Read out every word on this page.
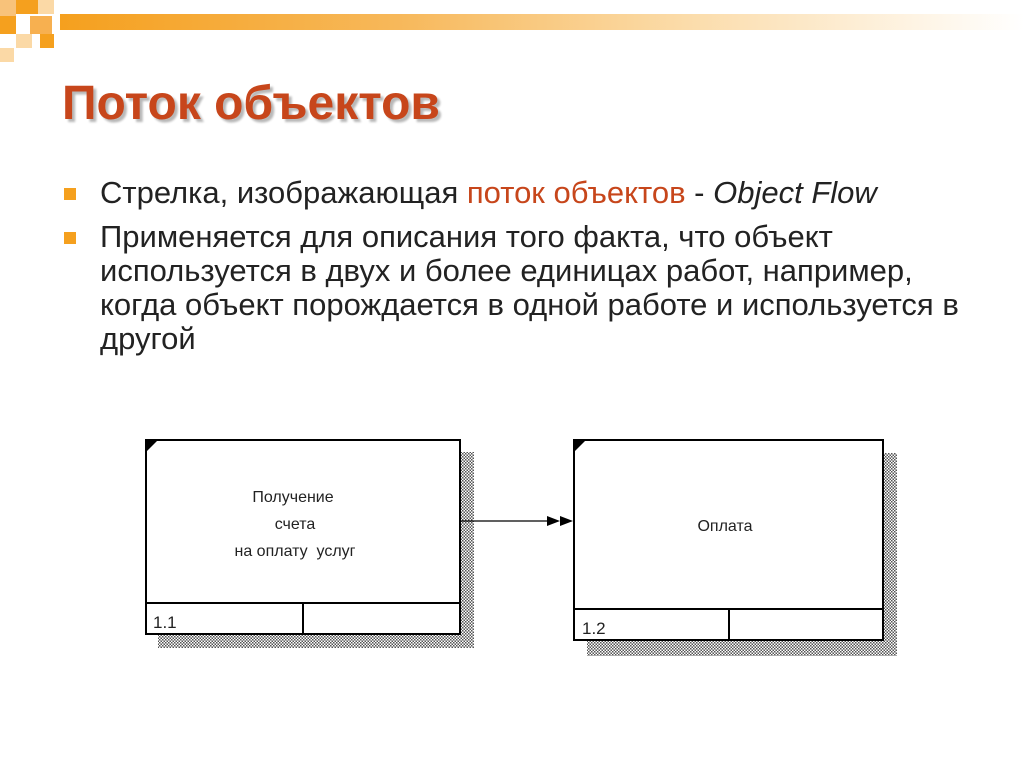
Поток объектов
Стрелка, изображающая поток объектов - Object Flow
Применяется для описания того факта, что объект используется в двух и более единицах работ, например, когда объект порождается в одной работе и используется в другой
Получение
счета
на оплату  услуг
1.1
Оплата
1.2
